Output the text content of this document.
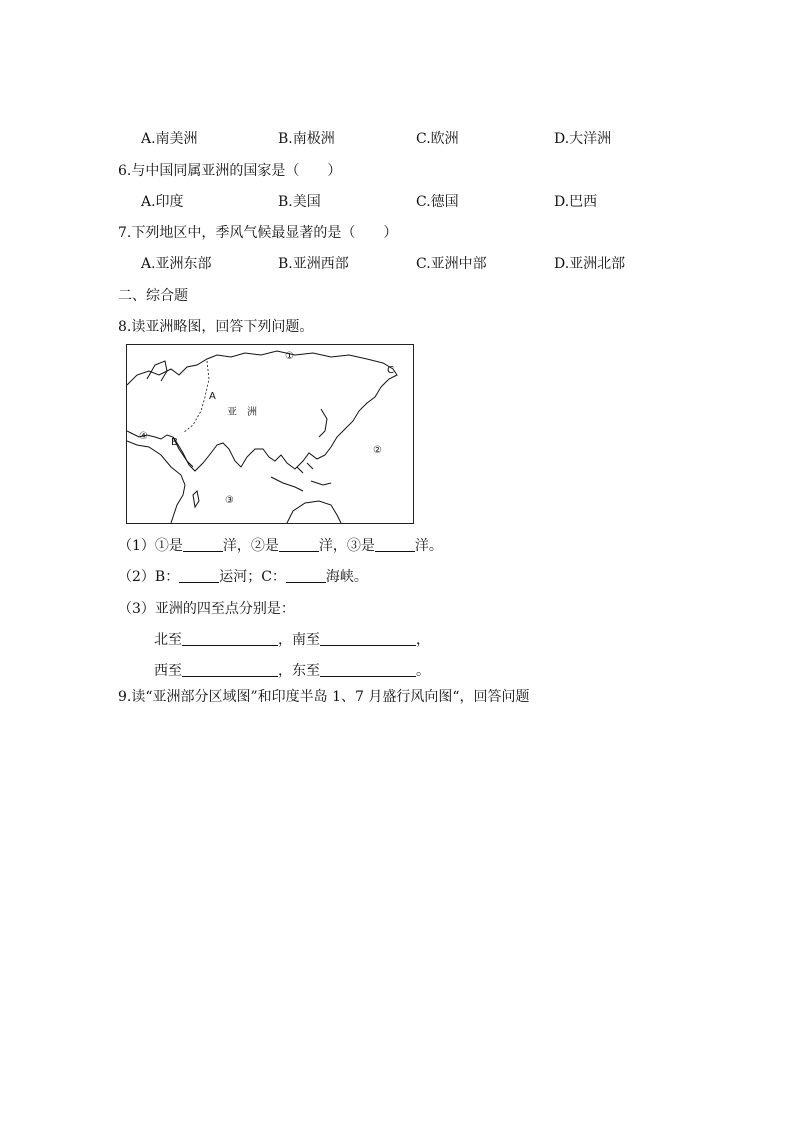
A.南美洲	B.南极洲	C.欧洲	D.大洋洲
6.与中国同属亚洲的国家是（　　）
A.印度	B.美国	C.德国	D.巴西
7.下列地区中，季风气候最显著的是（　　）
A.亚洲东部	B.亚洲西部	C.亚洲中部	D.亚洲北部
二、综合题
8.读亚洲略图，回答下列问题。
①
②
③
④
A
B
C
亚　洲
（1）①是	洋，②是	洋，③是	洋。
（2）B：	运河；C：	海峡。
（3）亚洲的四至点分别是：
北至	，南至	，
西至	，东至	。
9.读“亚洲部分区域图”和印度半岛 1、7 月盛行风向图“，回答问题
